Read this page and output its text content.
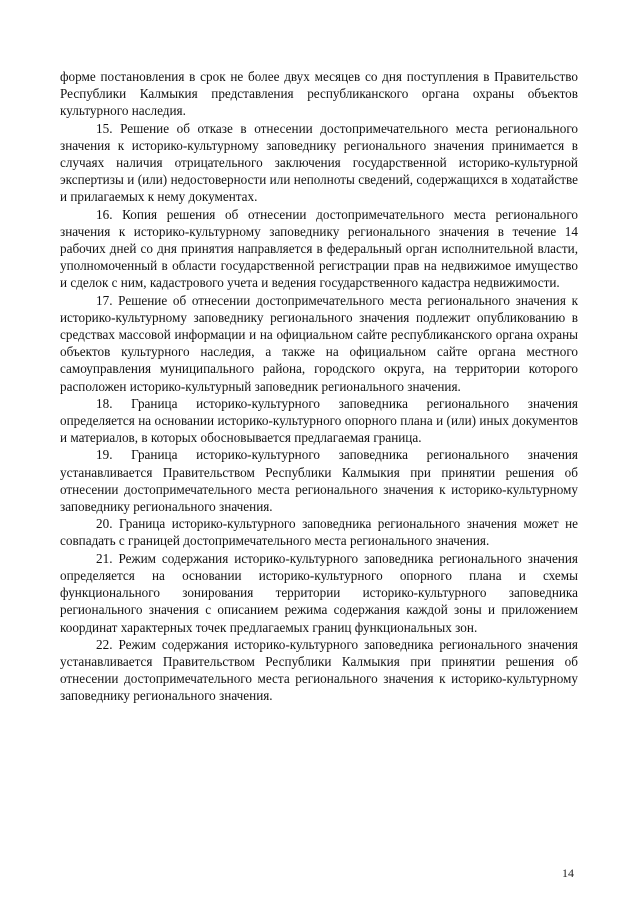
форме постановления в срок не более двух месяцев со дня поступления в Правительство Республики Калмыкия представления республиканского органа охраны объектов культурного наследия.

15. Решение об отказе в отнесении достопримечательного места регионального значения к историко-культурному заповеднику регионального значения принимается в случаях наличия отрицательного заключения государственной историко-культурной экспертизы и (или) недостоверности или неполноты сведений, содержащихся в ходатайстве и прилагаемых к нему документах.

16. Копия решения об отнесении достопримечательного места регионального значения к историко-культурному заповеднику регионального значения в течение 14 рабочих дней со дня принятия направляется в федеральный орган исполнительной власти, уполномоченный в области государственной регистрации прав на недвижимое имущество и сделок с ним, кадастрового учета и ведения государственного кадастра недвижимости.

17. Решение об отнесении достопримечательного места регионального значения к историко-культурному заповеднику регионального значения подлежит опубликованию в средствах массовой информации и на официальном сайте республиканского органа охраны объектов культурного наследия, а также на официальном сайте органа местного самоуправления муниципального района, городского округа, на территории которого расположен историко-культурный заповедник регионального значения.

18. Граница историко-культурного заповедника регионального значения определяется на основании историко-культурного опорного плана и (или) иных документов и материалов, в которых обосновывается предлагаемая граница.

19. Граница историко-культурного заповедника регионального значения устанавливается Правительством Республики Калмыкия при принятии решения об отнесении достопримечательного места регионального значения к историко-культурному заповеднику регионального значения.

20. Граница историко-культурного заповедника регионального значения может не совпадать с границей достопримечательного места регионального значения.

21. Режим содержания историко-культурного заповедника регионального значения определяется на основании историко-культурного опорного плана и схемы функционального зонирования территории историко-культурного заповедника регионального значения с описанием режима содержания каждой зоны и приложением координат характерных точек предлагаемых границ функциональных зон.

22. Режим содержания историко-культурного заповедника регионального значения устанавливается Правительством Республики Калмыкия при принятии решения об отнесении достопримечательного места регионального значения к историко-культурному заповеднику регионального значения.

14
